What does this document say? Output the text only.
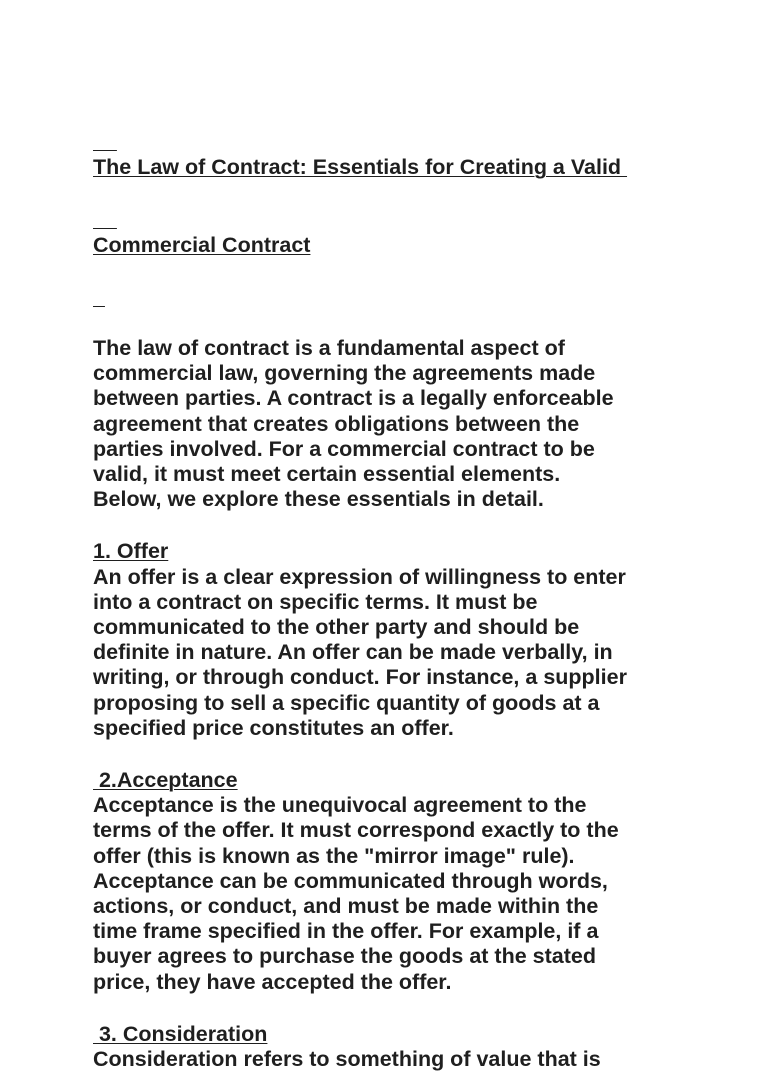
The Law of Contract: Essentials for Creating a Valid

Commercial Contract

The law of contract is a fundamental aspect of
commercial law, governing the agreements made
between parties. A contract is a legally enforceable
agreement that creates obligations between the
parties involved. For a commercial contract to be
valid, it must meet certain essential elements.
Below, we explore these essentials in detail.

1. Offer

An offer is a clear expression of willingness to enter
into a contract on specific terms. It must be
communicated to the other party and should be
definite in nature. An offer can be made verbally, in
writing, or through conduct. For instance, a supplier
proposing to sell a specific quantity of goods at a
specified price constitutes an offer.

2.Acceptance

Acceptance is the unequivocal agreement to the
terms of the offer. It must correspond exactly to the
offer (this is known as the "mirror image" rule).
Acceptance can be communicated through words,
actions, or conduct, and must be made within the
time frame specified in the offer. For example, if a
buyer agrees to purchase the goods at the stated
price, they have accepted the offer.

3. Consideration

Consideration refers to something of value that is
